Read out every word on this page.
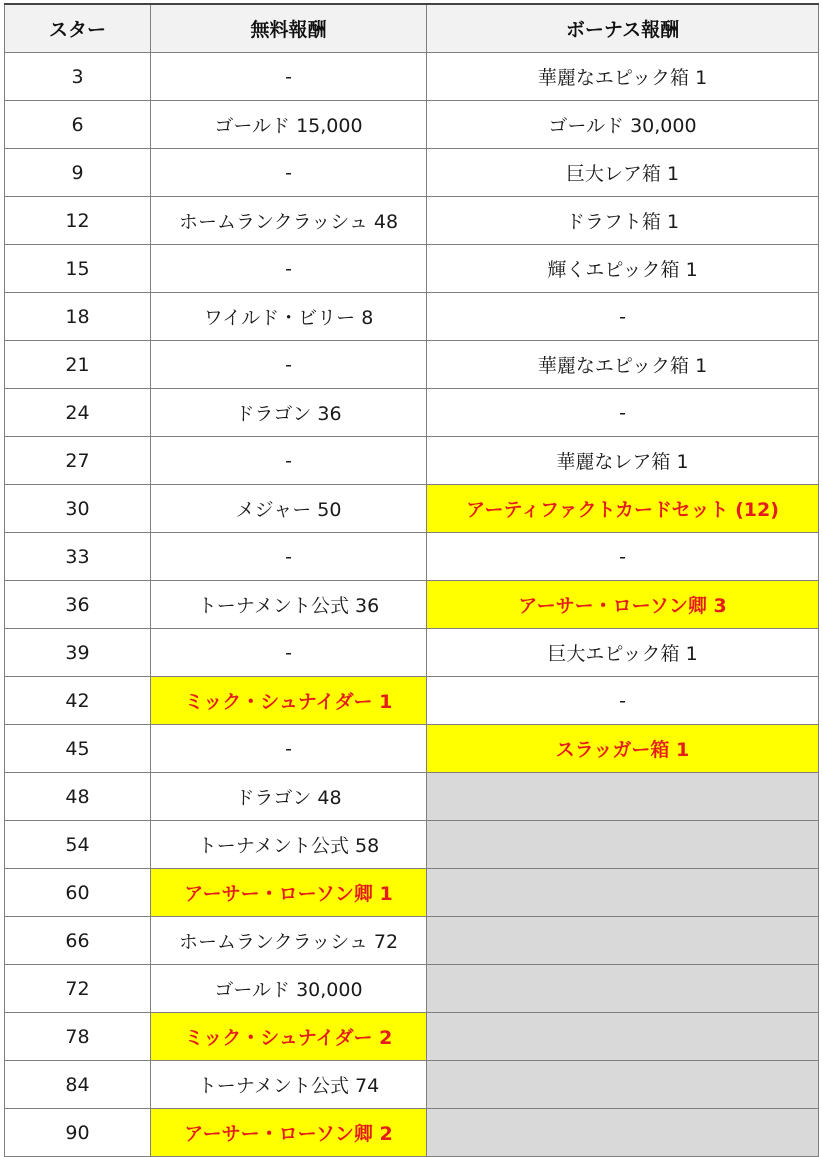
スター	無料報酬	ボーナス報酬
3	-	華麗なエピック箱 1
6	ゴールド 15,000	ゴールド 30,000
9	-	巨大レア箱 1
12	ホームランクラッシュ 48	ドラフト箱 1
15	-	輝くエピック箱 1
18	ワイルド・ビリー 8	-
21	-	華麗なエピック箱 1
24	ドラゴン 36	-
27	-	華麗なレア箱 1
30	メジャー 50	アーティファクトカードセット (12)
33	-	-
36	トーナメント公式 36	アーサー・ローソン卿 3
39	-	巨大エピック箱 1
42	ミック・シュナイダー 1	-
45	-	スラッガー箱 1
48	ドラゴン 48	
54	トーナメント公式 58	
60	アーサー・ローソン卿 1	
66	ホームランクラッシュ 72	
72	ゴールド 30,000	
78	ミック・シュナイダー 2	
84	トーナメント公式 74	
90	アーサー・ローソン卿 2	
